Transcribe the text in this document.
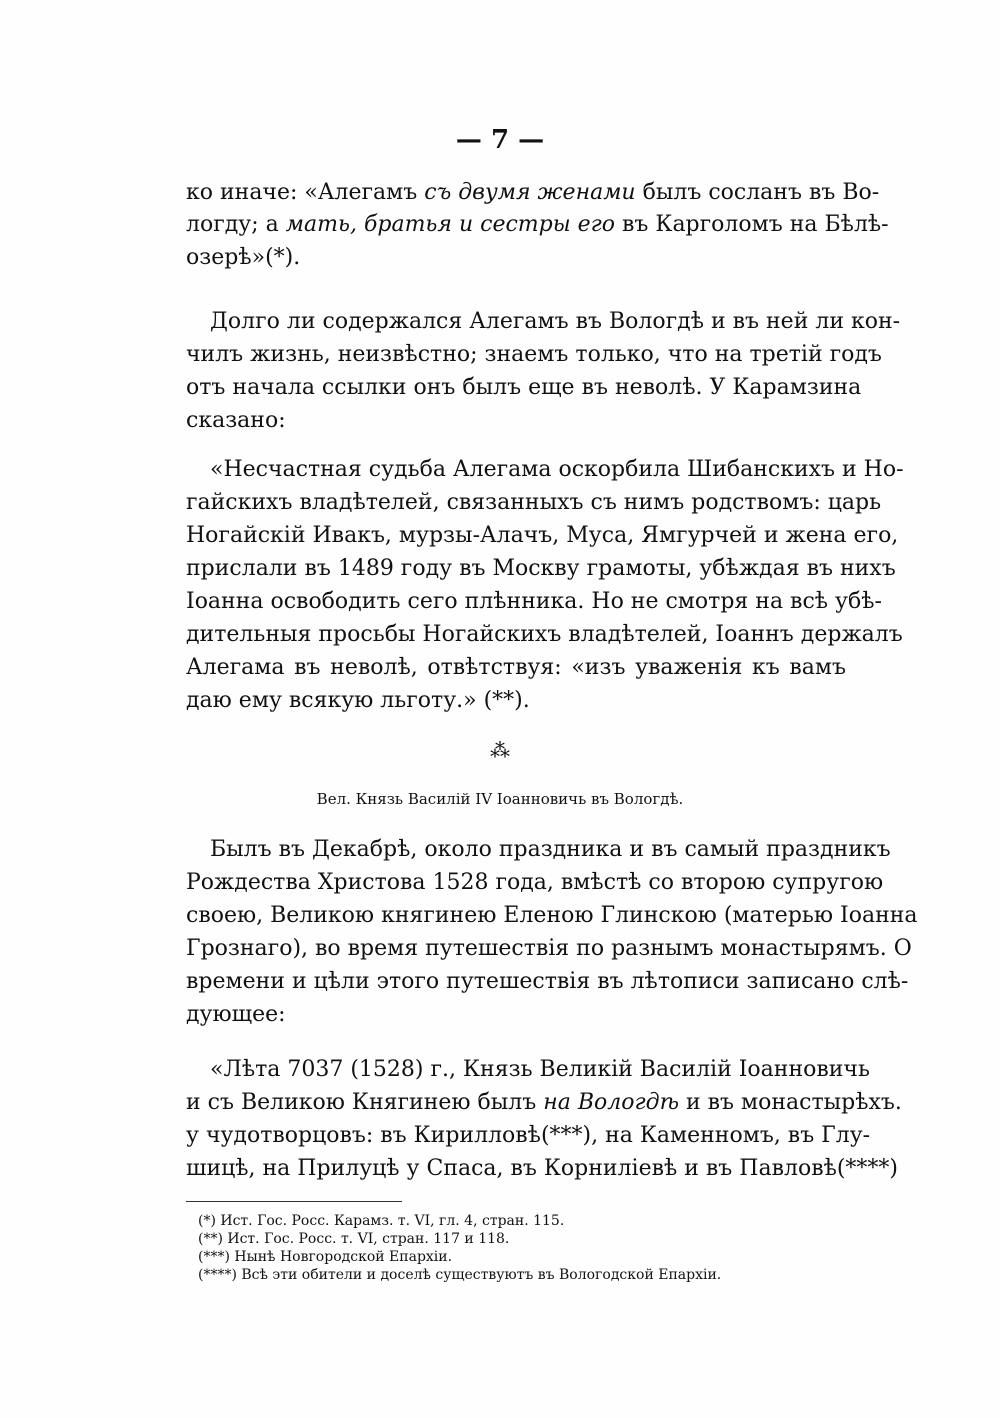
— 7 —

ко иначе: «Алегамъ съ двумя женами былъ сосланъ въ Во-

логду; а мать, братья и сестры его въ Карголомъ на Бѣлѣ-

озерѣ»(*).

Долго ли содержался Алегамъ въ Вологдѣ и въ ней ли кон-

чилъ жизнь, неизвѣстно; знаемъ только, что на третій годъ

отъ начала ссылки онъ былъ еще въ неволѣ. У Карамзина

сказано:

«Несчастная судьба Алегама оскорбила Шибанскихъ и Но-

гайскихъ владѣтелей, связанныхъ съ нимъ родствомъ: царь

Ногайскій Ивакъ, мурзы-Алачъ, Муса, Ямгурчей и жена его,

прислали въ 1489 году въ Москву грамоты, убѣждая въ нихъ

Іоанна освободить сего плѣнника. Но не смотря на всѣ убѣ-

дительныя просьбы Ногайскихъ владѣтелей, Іоаннъ держалъ

Алегама въ неволѣ, отвѣтствуя: «изъ уваженія къ вамъ

даю ему всякую льготу.» (**).

Былъ въ Декабрѣ, около праздника и въ самый праздникъ

Рождества Христова 1528 года, вмѣстѣ со второю супругою

своею, Великою княгинею Еленою Глинскою (матерью Іоанна

Грознаго), во время путешествія по разнымъ монастырямъ. О

времени и цѣли этого путешествія въ лѣтописи записано слѣ-

дующее:

«Лѣта 7037 (1528) г., Князь Великій Василій Іоанновичь

и съ Великою Княгинею былъ на Вологдѣ и въ монастырѣхъ.

у чудотворцовъ: въ Кирилловѣ(***), на Каменномъ, въ Глу-

шицѣ, на Прилуцѣ у Спаса, въ Корниліевѣ и въ Павловѣ(****)

⁂
Вел. Князь Василій IV Іоанновичь въ Вологдѣ.
(*) Ист. Гос. Росс. Карамз. т. VI, гл. 4, стран. 115.
(**) Ист. Гос. Росс. т. VI, стран. 117 и 118.
(***) Нынѣ Новгородской Епархіи.
(****) Всѣ эти обители и доселѣ существуютъ въ Вологодской Епархіи.
